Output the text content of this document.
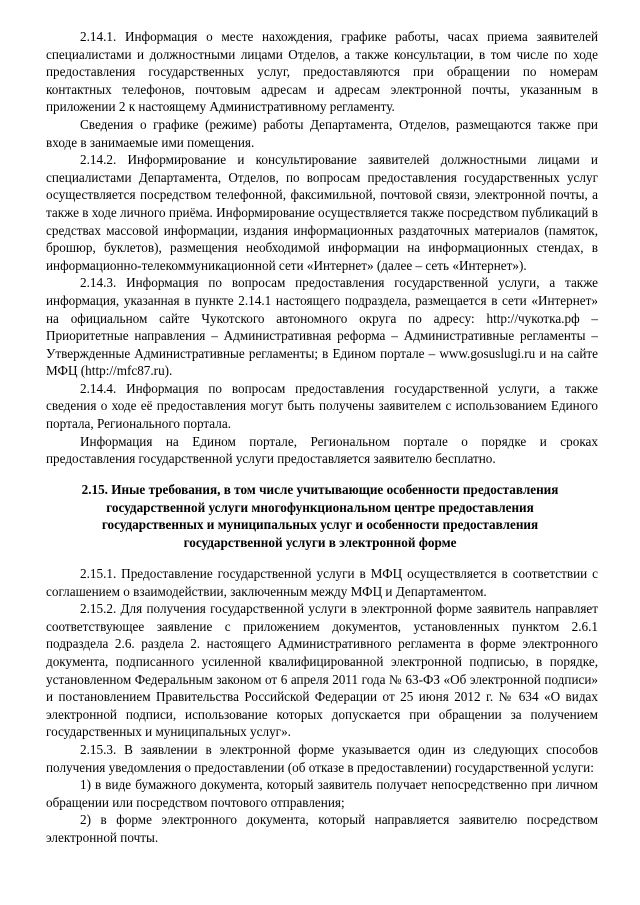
2.14.1. Информация о месте нахождения, графике работы, часах приема заявителей специалистами и должностными лицами Отделов, а также консультации, в том числе по ходе предоставления государственных услуг, предоставляются при обращении по номерам контактных телефонов, почтовым адресам и адресам электронной почты, указанным в приложении 2 к настоящему Административному регламенту.

Сведения о графике (режиме) работы Департамента, Отделов, размещаются также при входе в занимаемые ими помещения.

2.14.2. Информирование и консультирование заявителей должностными лицами и специалистами Департамента, Отделов, по вопросам предоставления государственных услуг осуществляется посредством телефонной, факсимильной, почтовой связи, электронной почты, а также в ходе личного приёма. Информирование осуществляется также посредством публикаций в средствах массовой информации, издания информационных раздаточных материалов (памяток, брошюр, буклетов), размещения необходимой информации на информационных стендах, в информационно-телекоммуникационной сети «Интернет» (далее – сеть «Интернет»).

2.14.3. Информация по вопросам предоставления государственной услуги, а также информация, указанная в пункте 2.14.1 настоящего подраздела, размещается в сети «Интернет» на официальном сайте Чукотского автономного округа по адресу: http://чукотка.рф – Приоритетные направления – Административная реформа – Административные регламенты – Утвержденные Административные регламенты; в Едином портале – www.gosuslugi.ru и на сайте МФЦ (http://mfc87.ru).

2.14.4. Информация по вопросам предоставления государственной услуги, а также сведения о ходе её предоставления могут быть получены заявителем с использованием Единого портала, Регионального портала.

Информация на Едином портале, Региональном портале о порядке и сроках предоставления государственной услуги предоставляется заявителю бесплатно.

2.15. Иные требования, в том числе учитывающие особенности предоставления государственной услуги многофункциональном центре предоставления государственных и муниципальных услуг и особенности предоставления государственной услуги в электронной форме

2.15.1. Предоставление государственной услуги в МФЦ осуществляется в соответствии с соглашением о взаимодействии, заключенным между МФЦ и Департаментом.

2.15.2. Для получения государственной услуги в электронной форме заявитель направляет соответствующее заявление с приложением документов, установленных пунктом 2.6.1 подраздела 2.6. раздела 2. настоящего Административного регламента в форме электронного документа, подписанного усиленной квалифицированной электронной подписью, в порядке, установленном Федеральным законом от 6 апреля 2011 года № 63-ФЗ «Об электронной подписи» и постановлением Правительства Российской Федерации от 25 июня 2012 г. № 634 «О видах электронной подписи, использование которых допускается при обращении за получением государственных и муниципальных услуг».

2.15.3. В заявлении в электронной форме указывается один из следующих способов получения уведомления о предоставлении (об отказе в предоставлении) государственной услуги:

1) в виде бумажного документа, который заявитель получает непосредственно при личном обращении или посредством почтового отправления;

2) в форме электронного документа, который направляется заявителю посредством электронной почты.
